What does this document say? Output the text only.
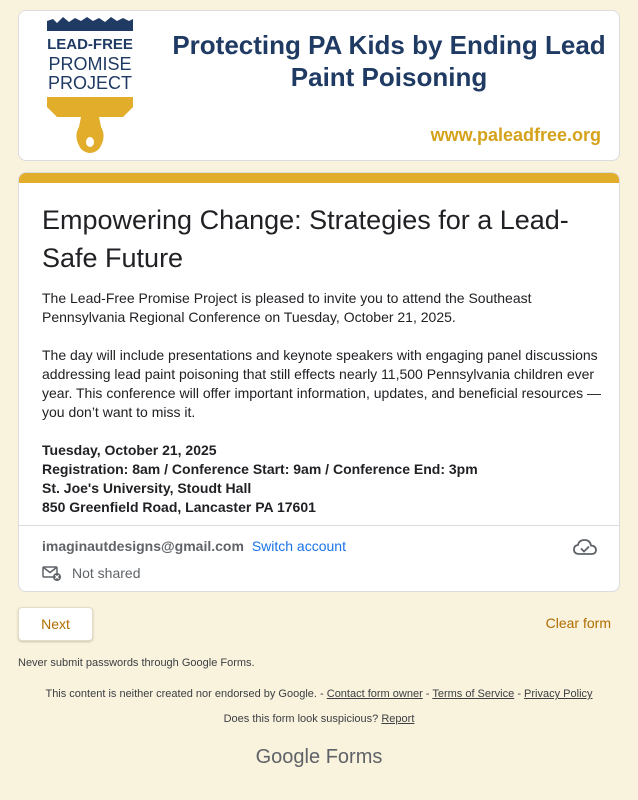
LEAD-FREE
PROMISE
PROJECT
Protecting PA Kids by Ending Lead Paint Poisoning
www.paleadfree.org
Empowering Change: Strategies for a Lead-Safe Future

The Lead-Free Promise Project is pleased to invite you to attend the Southeast Pennsylvania Regional Conference on Tuesday, October 21, 2025.

The day will include presentations and keynote speakers with engaging panel discussions addressing lead paint poisoning that still effects nearly 11,500 Pennsylvania children ever year. This conference will offer important information, updates, and beneficial resources — you don’t want to miss it.

Tuesday, October 21, 2025
Registration: 8am / Conference Start: 9am / Conference End: 3pm
St. Joe's University, Stoudt Hall
850 Greenfield Road, Lancaster PA 17601
imaginautdesigns@gmail.com Switch account
Not shared
Next	Clear form
Never submit passwords through Google Forms.
This content is neither created nor endorsed by Google. - Contact form owner - Terms of Service - Privacy Policy
Does this form look suspicious? Report
Google Forms
